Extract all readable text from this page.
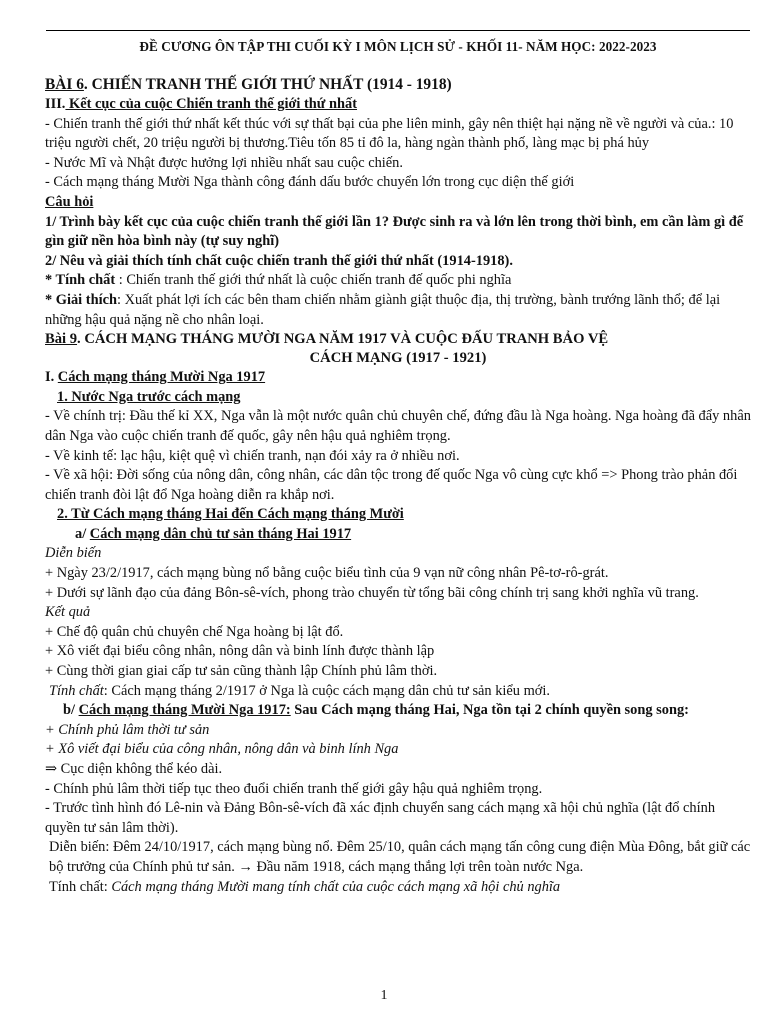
ĐỀ CƯƠNG ÔN TẬP THI CUỐI KỲ I MÔN LỊCH SỬ - KHỐI 11- NĂM HỌC: 2022-2023

BÀI 6. CHIẾN TRANH THẾ GIỚI THỨ NHẤT (1914 - 1918)

III. Kết cục của cuộc Chiến tranh thế giới thứ nhất

- Chiến tranh thế giới thứ nhất kết thúc với sự thất bại của phe liên minh, gây nên thiệt hại nặng nề về người và của.: 10 triệu người chết, 20 triệu người bị thương.Tiêu tốn 85 tỉ đô la, hàng ngàn thành phố, làng mạc bị phá hủy

- Nước Mĩ và Nhật được hưởng lợi nhiều nhất sau cuộc chiến.

- Cách mạng tháng Mười Nga thành công đánh dấu bước chuyển lớn trong cục diện thế giới

Câu hỏi

1/ Trình bày kết cục của cuộc chiến tranh thế giới lần 1? Được sinh ra và lớn lên trong thời bình, em cần làm gì để gìn giữ nền hòa bình này (tự suy nghĩ)

2/ Nêu và giải thích tính chất cuộc chiến tranh thế giới thứ nhất (1914-1918).

* Tính chất : Chiến tranh thế giới thứ nhất là cuộc chiến tranh đế quốc phi nghĩa

* Giải thích: Xuất phát lợi ích các bên tham chiến nhằm giành giật thuộc địa, thị trường, bành trướng lãnh thổ; để lại những hậu quả nặng nề cho nhân loại.

Bài 9. CÁCH MẠNG THÁNG MƯỜI NGA NĂM 1917 VÀ CUỘC ĐẤU TRANH BẢO VỆ

CÁCH MẠNG (1917 - 1921)

I. Cách mạng tháng Mười Nga 1917

1. Nước Nga trước cách mạng

- Về chính trị: Đầu thế kỉ XX, Nga vẫn là một nước quân chủ chuyên chế, đứng đầu là Nga hoàng. Nga hoàng đã đẩy nhân dân Nga vào cuộc chiến tranh đế quốc, gây nên hậu quả nghiêm trọng.

- Về kinh tế: lạc hậu, kiệt quệ vì chiến tranh, nạn đói xảy ra ở nhiều nơi.

- Về xã hội: Đời sống của nông dân, công nhân, các dân tộc trong đế quốc Nga vô cùng cực khổ => Phong trào phản đối chiến tranh đòi lật đổ Nga hoàng diễn ra khắp nơi.

2. Từ Cách mạng tháng Hai đến Cách mạng tháng Mười

a/ Cách mạng dân chủ tư sản tháng Hai 1917

Diễn biến

+ Ngày 23/2/1917, cách mạng bùng nổ bằng cuộc biểu tình của 9 vạn nữ công nhân Pê-tơ-rô-grát.

+ Dưới sự lãnh đạo của đảng Bôn-sê-vích, phong trào chuyển từ tổng bãi công chính trị sang khởi nghĩa vũ trang.

Kết quả

+ Chế độ quân chủ chuyên chế Nga hoàng bị lật đổ.

+ Xô viết đại biểu công nhân, nông dân và binh lính được thành lập

+ Cùng thời gian giai cấp tư sản cũng thành lập Chính phủ lâm thời.

Tính chất: Cách mạng tháng 2/1917 ở Nga là cuộc cách mạng dân chủ tư sản kiểu mới.

b/ Cách mạng tháng Mười Nga 1917: Sau Cách mạng tháng Hai, Nga tồn tại 2 chính quyền song song:

+ Chính phủ lâm thời tư sản

+ Xô viết đại biểu của công nhân, nông dân và binh lính Nga

⇒ Cục diện không thể kéo dài.

- Chính phủ lâm thời tiếp tục theo đuổi chiến tranh thế giới gây hậu quả nghiêm trọng.

- Trước tình hình đó Lê-nin và Đảng Bôn-sê-vích đã xác định chuyển sang cách mạng xã hội chủ nghĩa (lật đổ chính quyền tư sản lâm thời).

Diễn biến: Đêm 24/10/1917, cách mạng bùng nổ. Đêm 25/10, quân cách mạng tấn công cung điện Mùa Đông, bắt giữ các bộ trưởng của Chính phủ tư sản. → Đầu năm 1918, cách mạng thắng lợi trên toàn nước Nga.

Tính chất: Cách mạng tháng Mười mang tính chất của cuộc cách mạng xã hội chủ nghĩa

1
